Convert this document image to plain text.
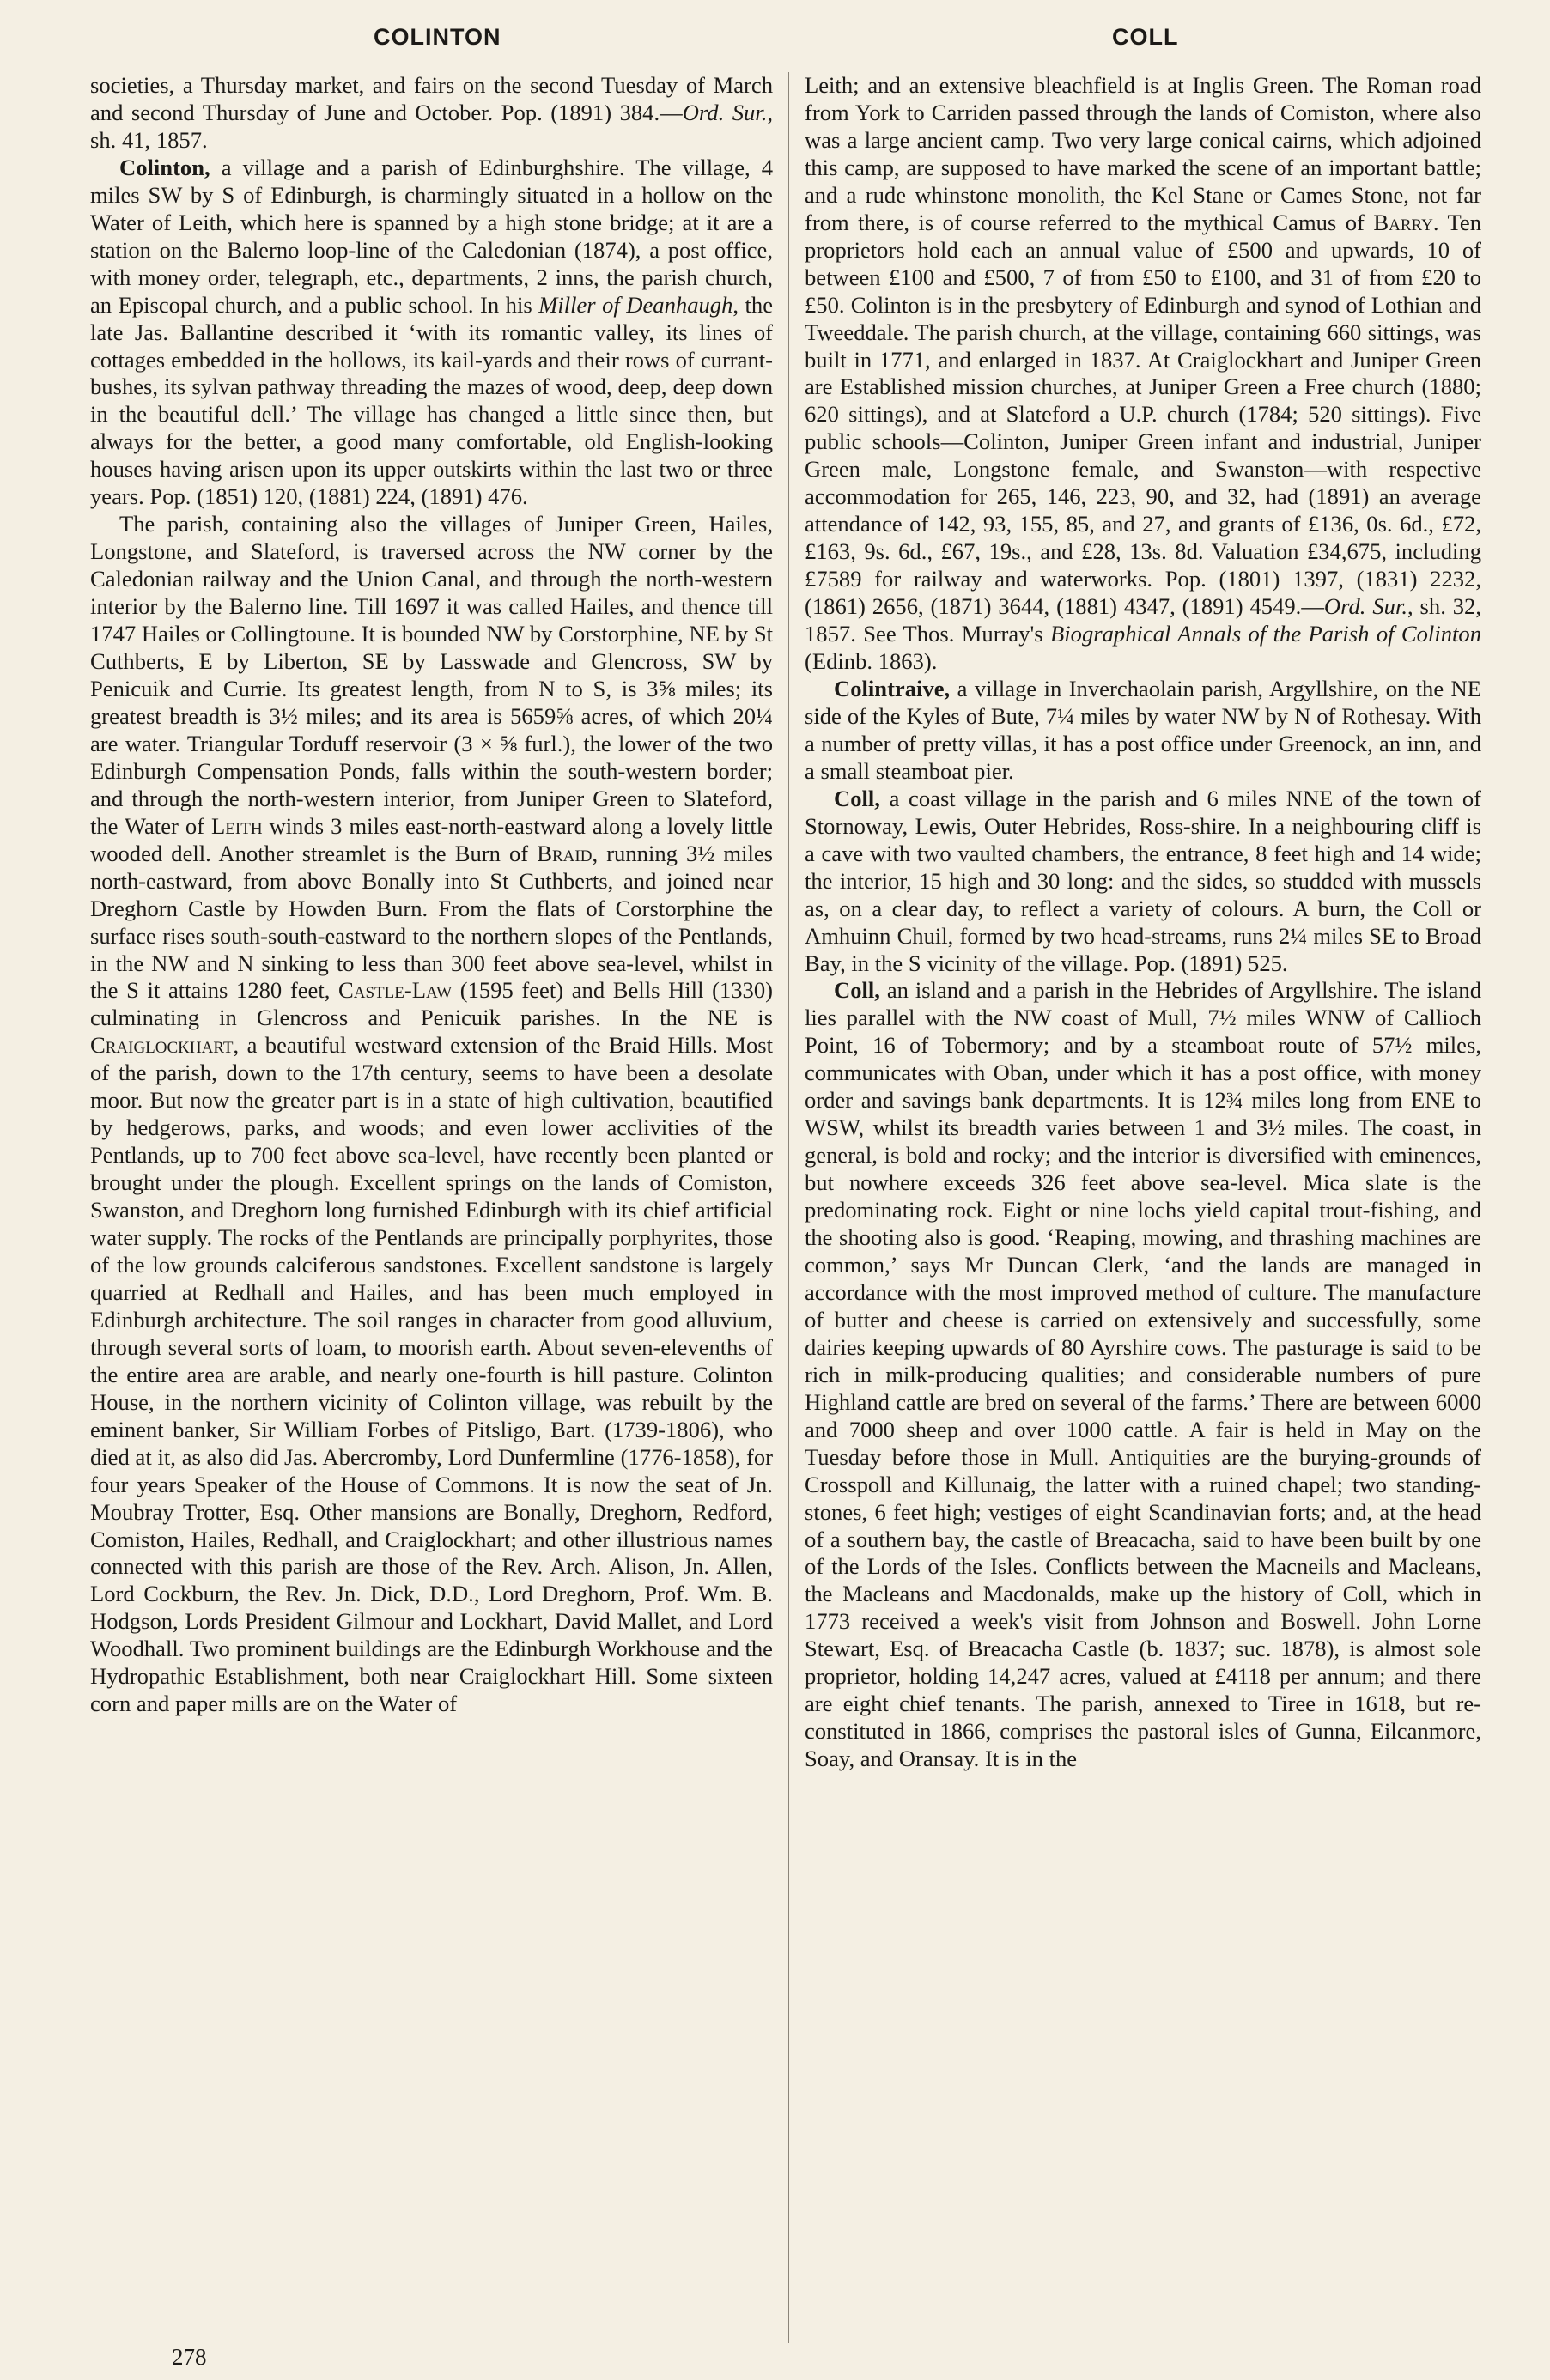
COLINTON	COLL

societies, a Thursday market, and fairs on the second Tuesday of March and second Thursday of June and October. Pop. (1891) 384.—Ord. Sur., sh. 41, 1857.

Colinton, a village and a parish of Edinburghshire. The village, 4 miles SW by S of Edinburgh, is charmingly situated in a hollow on the Water of Leith, which here is spanned by a high stone bridge; at it are a station on the Balerno loop-line of the Caledonian (1874), a post office, with money order, telegraph, etc., departments, 2 inns, the parish church, an Episcopal church, and a public school. In his Miller of Deanhaugh, the late Jas. Ballantine described it ‘with its romantic valley, its lines of cottages embedded in the hollows, its kail-yards and their rows of currant-bushes, its sylvan pathway threading the mazes of wood, deep, deep down in the beautiful dell.’ The village has changed a little since then, but always for the better, a good many comfortable, old English-looking houses having arisen upon its upper outskirts within the last two or three years. Pop. (1851) 120, (1881) 224, (1891) 476.

The parish, containing also the villages of Juniper Green, Hailes, Longstone, and Slateford, is traversed across the NW corner by the Caledonian railway and the Union Canal, and through the north-western interior by the Balerno line. Till 1697 it was called Hailes, and thence till 1747 Hailes or Collingtoune. It is bounded NW by Corstorphine, NE by St Cuthberts, E by Liberton, SE by Lasswade and Glencross, SW by Penicuik and Currie. Its greatest length, from N to S, is 3⅝ miles; its greatest breadth is 3½ miles; and its area is 5659⅝ acres, of which 20¼ are water. Triangular Torduff reservoir (3 × ⅝ furl.), the lower of the two Edinburgh Compensation Ponds, falls within the south-western border; and through the north-western interior, from Juniper Green to Slateford, the Water of Leith winds 3 miles east-north-eastward along a lovely little wooded dell. Another streamlet is the Burn of Braid, running 3½ miles north-eastward, from above Bonally into St Cuthberts, and joined near Dreghorn Castle by Howden Burn. From the flats of Corstorphine the surface rises south-south-eastward to the northern slopes of the Pentlands, in the NW and N sinking to less than 300 feet above sea-level, whilst in the S it attains 1280 feet, Castle-Law (1595 feet) and Bells Hill (1330) culminating in Glencross and Penicuik parishes. In the NE is Craiglockhart, a beautiful westward extension of the Braid Hills. Most of the parish, down to the 17th century, seems to have been a desolate moor. But now the greater part is in a state of high cultivation, beautified by hedgerows, parks, and woods; and even lower acclivities of the Pentlands, up to 700 feet above sea-level, have recently been planted or brought under the plough. Excellent springs on the lands of Comiston, Swanston, and Dreghorn long furnished Edinburgh with its chief artificial water supply. The rocks of the Pentlands are principally porphyrites, those of the low grounds calciferous sandstones. Excellent sandstone is largely quarried at Redhall and Hailes, and has been much employed in Edinburgh architecture. The soil ranges in character from good alluvium, through several sorts of loam, to moorish earth. About seven-elevenths of the entire area are arable, and nearly one-fourth is hill pasture. Colinton House, in the northern vicinity of Colinton village, was rebuilt by the eminent banker, Sir William Forbes of Pitsligo, Bart. (1739-1806), who died at it, as also did Jas. Abercromby, Lord Dunfermline (1776-1858), for four years Speaker of the House of Commons. It is now the seat of Jn. Moubray Trotter, Esq. Other mansions are Bonally, Dreghorn, Redford, Comiston, Hailes, Redhall, and Craiglockhart; and other illustrious names connected with this parish are those of the Rev. Arch. Alison, Jn. Allen, Lord Cockburn, the Rev. Jn. Dick, D.D., Lord Dreghorn, Prof. Wm. B. Hodgson, Lords President Gilmour and Lockhart, David Mallet, and Lord Woodhall. Two prominent buildings are the Edinburgh Workhouse and the Hydropathic Establishment, both near Craiglockhart Hill. Some sixteen corn and paper mills are on the Water of

Leith; and an extensive bleachfield is at Inglis Green. The Roman road from York to Carriden passed through the lands of Comiston, where also was a large ancient camp. Two very large conical cairns, which adjoined this camp, are supposed to have marked the scene of an important battle; and a rude whinstone monolith, the Kel Stane or Cames Stone, not far from there, is of course referred to the mythical Camus of Barry. Ten proprietors hold each an annual value of £500 and upwards, 10 of between £100 and £500, 7 of from £50 to £100, and 31 of from £20 to £50. Colinton is in the presbytery of Edinburgh and synod of Lothian and Tweeddale. The parish church, at the village, containing 660 sittings, was built in 1771, and enlarged in 1837. At Craiglockhart and Juniper Green are Established mission churches, at Juniper Green a Free church (1880; 620 sittings), and at Slateford a U.P. church (1784; 520 sittings). Five public schools—Colinton, Juniper Green infant and industrial, Juniper Green male, Longstone female, and Swanston—with respective accommodation for 265, 146, 223, 90, and 32, had (1891) an average attendance of 142, 93, 155, 85, and 27, and grants of £136, 0s. 6d., £72, £163, 9s. 6d., £67, 19s., and £28, 13s. 8d. Valuation £34,675, including £7589 for railway and waterworks. Pop. (1801) 1397, (1831) 2232, (1861) 2656, (1871) 3644, (1881) 4347, (1891) 4549.—Ord. Sur., sh. 32, 1857. See Thos. Murray's Biographical Annals of the Parish of Colinton (Edinb. 1863).

Colintraive, a village in Inverchaolain parish, Argyllshire, on the NE side of the Kyles of Bute, 7¼ miles by water NW by N of Rothesay. With a number of pretty villas, it has a post office under Greenock, an inn, and a small steamboat pier.

Coll, a coast village in the parish and 6 miles NNE of the town of Stornoway, Lewis, Outer Hebrides, Ross-shire. In a neighbouring cliff is a cave with two vaulted chambers, the entrance, 8 feet high and 14 wide; the interior, 15 high and 30 long: and the sides, so studded with mussels as, on a clear day, to reflect a variety of colours. A burn, the Coll or Amhuinn Chuil, formed by two head-streams, runs 2¼ miles SE to Broad Bay, in the S vicinity of the village. Pop. (1891) 525.

Coll, an island and a parish in the Hebrides of Argyllshire. The island lies parallel with the NW coast of Mull, 7½ miles WNW of Callioch Point, 16 of Tobermory; and by a steamboat route of 57½ miles, communicates with Oban, under which it has a post office, with money order and savings bank departments. It is 12¾ miles long from ENE to WSW, whilst its breadth varies between 1 and 3½ miles. The coast, in general, is bold and rocky; and the interior is diversified with eminences, but nowhere exceeds 326 feet above sea-level. Mica slate is the predominating rock. Eight or nine lochs yield capital trout-fishing, and the shooting also is good. ‘Reaping, mowing, and thrashing machines are common,’ says Mr Duncan Clerk, ‘and the lands are managed in accordance with the most improved method of culture. The manufacture of butter and cheese is carried on extensively and successfully, some dairies keeping upwards of 80 Ayrshire cows. The pasturage is said to be rich in milk-producing qualities; and considerable numbers of pure Highland cattle are bred on several of the farms.’ There are between 6000 and 7000 sheep and over 1000 cattle. A fair is held in May on the Tuesday before those in Mull. Antiquities are the burying-grounds of Crosspoll and Killunaig, the latter with a ruined chapel; two standing-stones, 6 feet high; vestiges of eight Scandinavian forts; and, at the head of a southern bay, the castle of Breacacha, said to have been built by one of the Lords of the Isles. Conflicts between the Macneils and Macleans, the Macleans and Macdonalds, make up the history of Coll, which in 1773 received a week's visit from Johnson and Boswell. John Lorne Stewart, Esq. of Breacacha Castle (b. 1837; suc. 1878), is almost sole proprietor, holding 14,247 acres, valued at £4118 per annum; and there are eight chief tenants. The parish, annexed to Tiree in 1618, but re-constituted in 1866, comprises the pastoral isles of Gunna, Eilcanmore, Soay, and Oransay. It is in the

278
